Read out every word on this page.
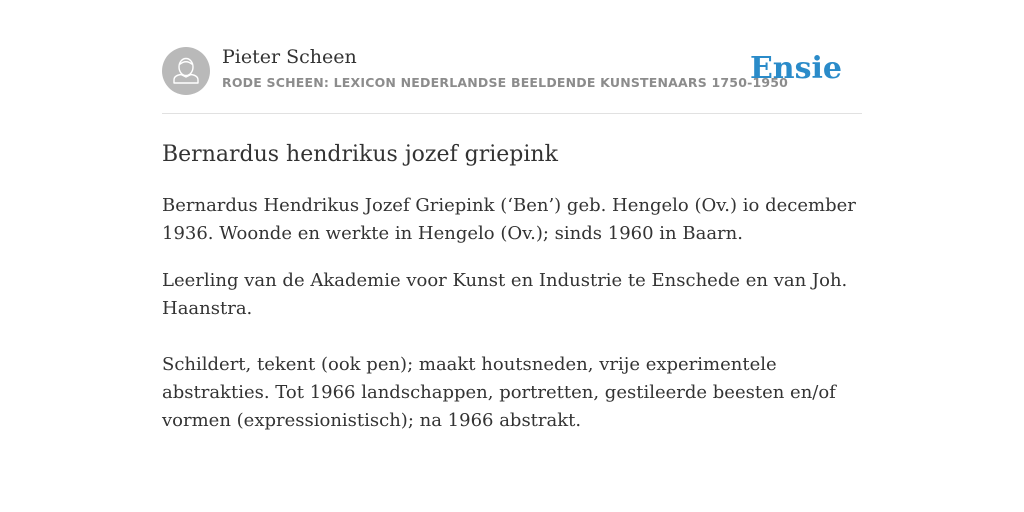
Pieter Scheen
RODE SCHEEN: LEXICON NEDERLANDSE BEELDENDE KUNSTENAARS 1750-1950
Ensie
Bernardus hendrikus jozef griepink

Bernardus Hendrikus Jozef Griepink (‘Ben’) geb. Hengelo (Ov.) io december 1936. Woonde en werkte in Hengelo (Ov.); sinds 1960 in Baarn.

Leerling van de Akademie voor Kunst en Industrie te Enschede en van Joh. Haanstra.

Schildert, tekent (ook pen); maakt houtsneden, vrije experimentele abstrakties. Tot 1966 landschappen, portretten, gestileerde beesten en/of vormen (expressionistisch); na 1966 abstrakt.
